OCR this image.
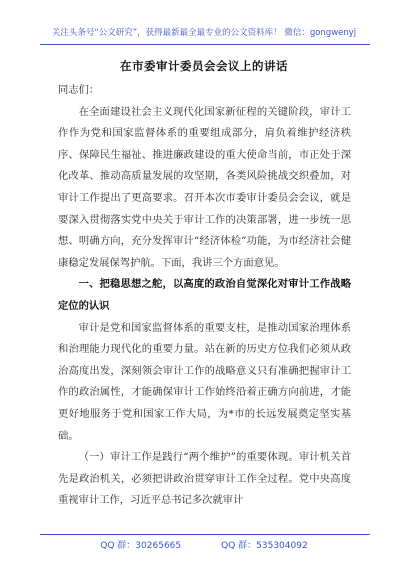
关注头条号“公文研究”，获得最新最全最专业的公文资料库！ 微信：gongwenyj
在市委审计委员会会议上的讲话

同志们：

在全面建设社会主义现代化国家新征程的关键阶段，审计工作作为党和国家监督体系的重要组成部分，肩负着维护经济秩序、保障民生福祉、推进廉政建设的重大使命当前，市正处于深化改革、推动高质量发展的攻坚期，各类风险挑战交织叠加，对审计工作提出了更高要求。召开本次市委审计委员会会议，就是要深入贯彻落实党中央关于审计工作的决策部署，进一步统一思想、明确方向，充分发挥审计“经济体检”功能，为市经济社会健康稳定发展保驾护航。下面，我讲三个方面意见。

一、把稳思想之舵，以高度的政治自觉深化对审计工作战略定位的认识

审计是党和国家监督体系的重要支柱，是推动国家治理体系和治理能力现代化的重要力量。站在新的历史方位我们必须从政治高度出发，深刻领会审计工作的战略意义只有准确把握审计工作的政治属性，才能确保审计工作始终沿着正确方向前进，才能更好地服务于党和国家工作大局，为*市的长远发展奠定坚实基础。

（一）审计工作是践行“两个维护”的重要体现。审计机关首先是政治机关，必须把讲政治贯穿审计工作全过程。党中央高度重视审计工作，习近平总书记多次就审计

QQ 群：30265665	QQ 群：535304092
